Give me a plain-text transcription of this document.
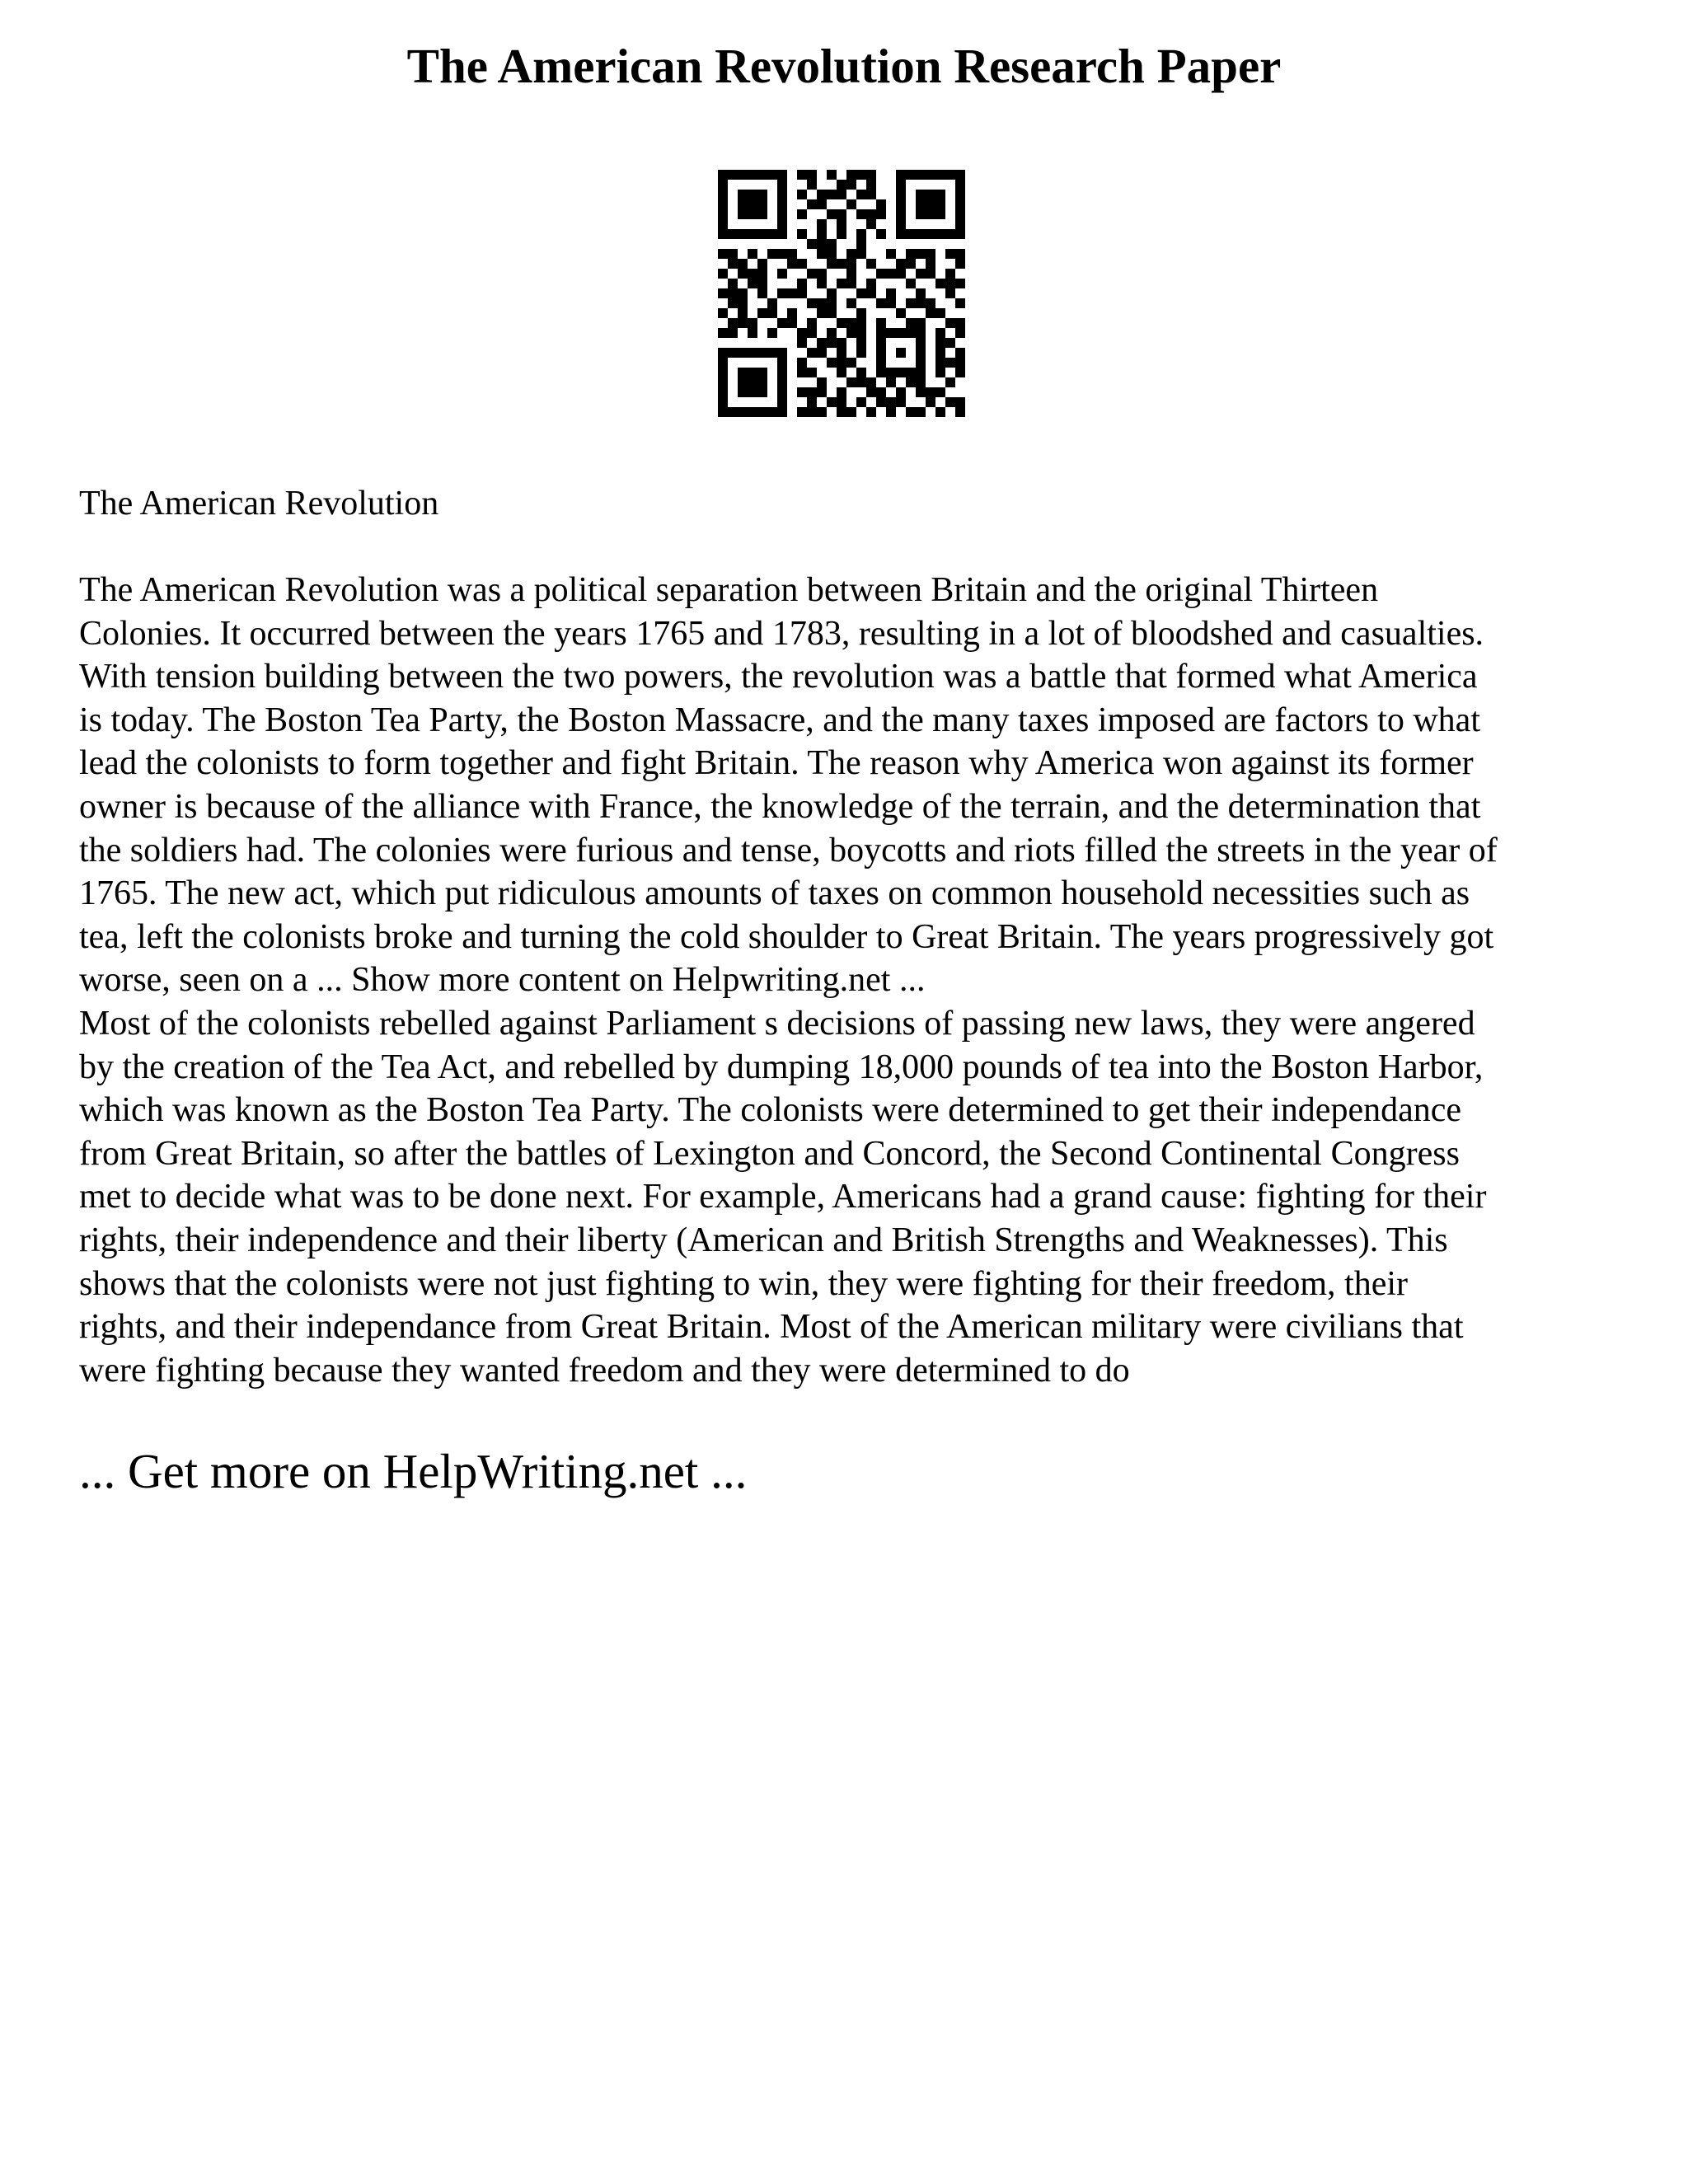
The American Revolution Research Paper

The American Revolution

The American Revolution was a political separation between Britain and the original Thirteen
Colonies. It occurred between the years 1765 and 1783, resulting in a lot of bloodshed and casualties.
With tension building between the two powers, the revolution was a battle that formed what America
is today. The Boston Tea Party, the Boston Massacre, and the many taxes imposed are factors to what
lead the colonists to form together and fight Britain. The reason why America won against its former
owner is because of the alliance with France, the knowledge of the terrain, and the determination that
the soldiers had. The colonies were furious and tense, boycotts and riots filled the streets in the year of
1765. The new act, which put ridiculous amounts of taxes on common household necessities such as
tea, left the colonists broke and turning the cold shoulder to Great Britain. The years progressively got
worse, seen on a ... Show more content on Helpwriting.net ...
Most of the colonists rebelled against Parliament s decisions of passing new laws, they were angered
by the creation of the Tea Act, and rebelled by dumping 18,000 pounds of tea into the Boston Harbor,
which was known as the Boston Tea Party. The colonists were determined to get their independance
from Great Britain, so after the battles of Lexington and Concord, the Second Continental Congress
met to decide what was to be done next. For example, Americans had a grand cause: fighting for their
rights, their independence and their liberty (American and British Strengths and Weaknesses). This
shows that the colonists were not just fighting to win, they were fighting for their freedom, their
rights, and their independance from Great Britain. Most of the American military were civilians that
were fighting because they wanted freedom and they were determined to do

... Get more on HelpWriting.net ...
